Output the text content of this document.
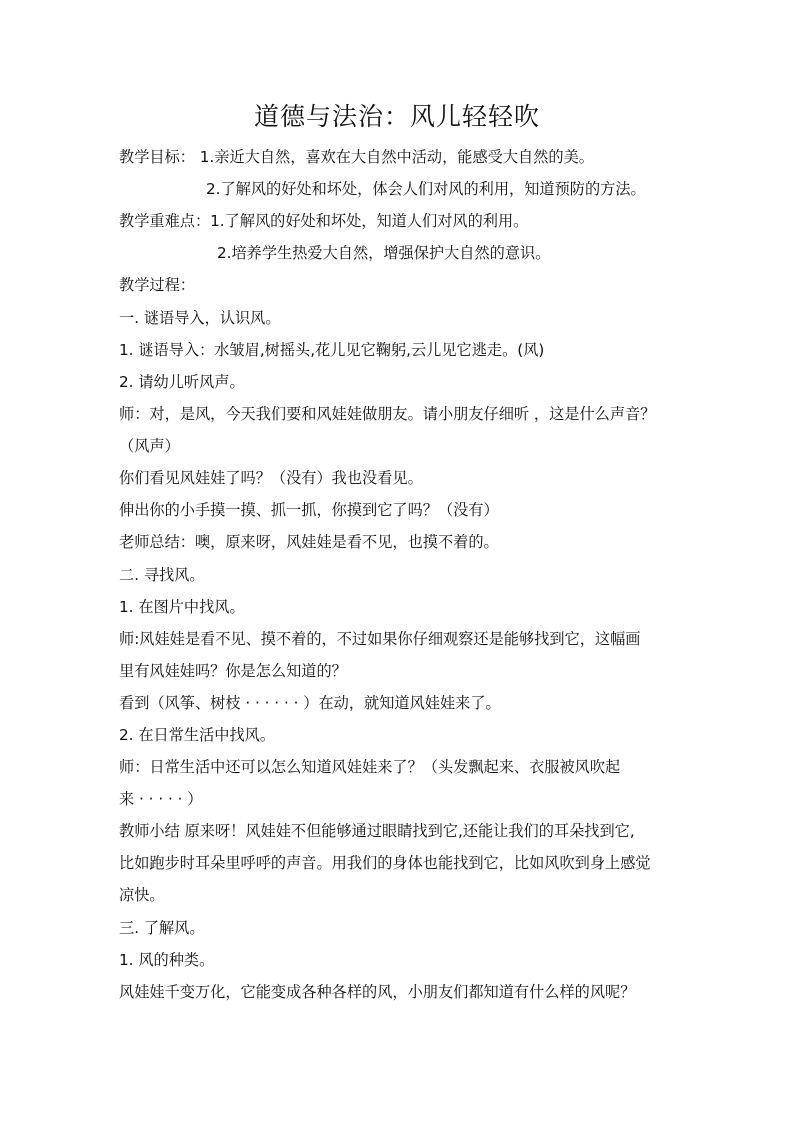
道德与法治：风儿轻轻吹
教学目标： 1.亲近大自然，喜欢在大自然中活动，能感受大自然的美。
2.了解风的好处和坏处，体会人们对风的利用，知道预防的方法。
教学重难点：1.了解风的好处和坏处，知道人们对风的利用。
2.培养学生热爱大自然，增强保护大自然的意识。
教学过程：
一. 谜语导入，认识风。
1. 谜语导入：水皱眉,树摇头,花儿见它鞠躬,云儿见它逃走。(风)
2. 请幼儿听风声。
师：对，是风，今天我们要和风娃娃做朋友。请小朋友仔细听 ，这是什么声音？
（风声）
你们看见风娃娃了吗？（没有）我也没看见。
伸出你的小手摸一摸、抓一抓，你摸到它了吗？（没有）
老师总结：噢，原来呀，风娃娃是看不见，也摸不着的。
二. 寻找风。
1. 在图片中找风。
师:风娃娃是看不见、摸不着的，不过如果你仔细观察还是能够找到它，这幅画
里有风娃娃吗？你是怎么知道的？
看到（风筝、树枝 · · · · · · ）在动，就知道风娃娃来了。
2. 在日常生活中找风。
师：日常生活中还可以怎么知道风娃娃来了？（头发飘起来、衣服被风吹起
来 · · · · · ）
教师小结 原来呀！风娃娃不但能够通过眼睛找到它,还能让我们的耳朵找到它,
比如跑步时耳朵里呼呼的声音。用我们的身体也能找到它，比如风吹到身上感觉
凉快。
三. 了解风。
1. 风的种类。
风娃娃千变万化，它能变成各种各样的风，小朋友们都知道有什么样的风呢？
